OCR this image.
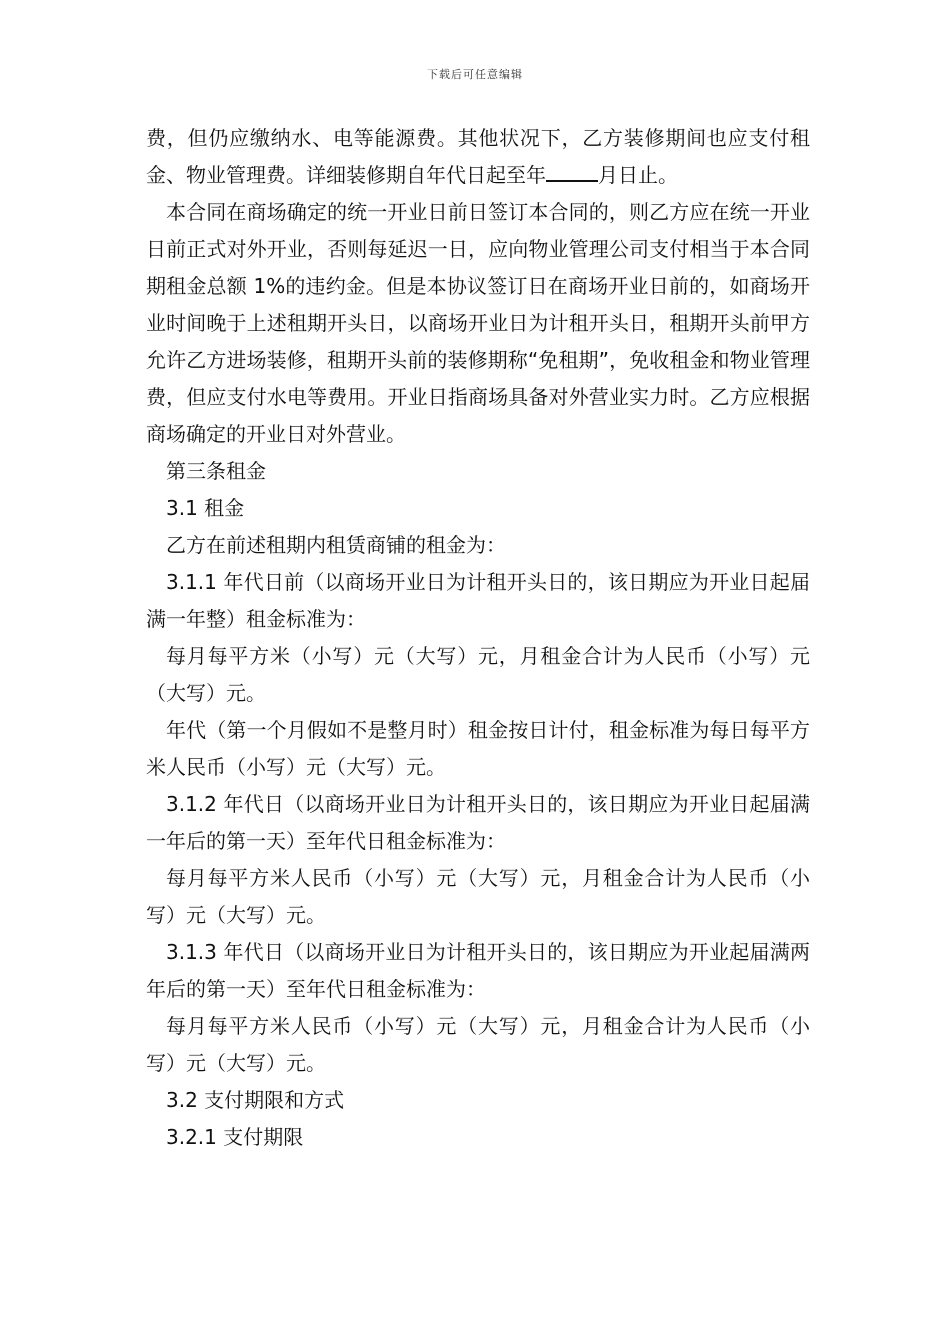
下载后可任意编辑

费，但仍应缴纳水、电等能源费。其他状况下，乙方装修期间也应支付租金、物业管理费。详细装修期自年代日起至年	月日止。

本合同在商场确定的统一开业日前日签订本合同的，则乙方应在统一开业日前正式对外开业，否则每延迟一日，应向物业管理公司支付相当于本合同期租金总额 1%的违约金。但是本协议签订日在商场开业日前的，如商场开业时间晚于上述租期开头日，以商场开业日为计租开头日，租期开头前甲方允许乙方进场装修，租期开头前的装修期称“免租期”，免收租金和物业管理费，但应支付水电等费用。开业日指商场具备对外营业实力时。乙方应根据商场确定的开业日对外营业。

第三条租金

3.1 租金

乙方在前述租期内租赁商铺的租金为：

3.1.1 年代日前（以商场开业日为计租开头日的，该日期应为开业日起届满一年整）租金标准为：

每月每平方米（小写）元（大写）元，月租金合计为人民币（小写）元（大写）元。

年代（第一个月假如不是整月时）租金按日计付，租金标准为每日每平方米人民币（小写）元（大写）元。

3.1.2 年代日（以商场开业日为计租开头日的，该日期应为开业日起届满一年后的第一天）至年代日租金标准为：

每月每平方米人民币（小写）元（大写）元，月租金合计为人民币（小写）元（大写）元。

3.1.3 年代日（以商场开业日为计租开头日的，该日期应为开业起届满两年后的第一天）至年代日租金标准为：

每月每平方米人民币（小写）元（大写）元，月租金合计为人民币（小写）元（大写）元。

3.2 支付期限和方式

3.2.1 支付期限
